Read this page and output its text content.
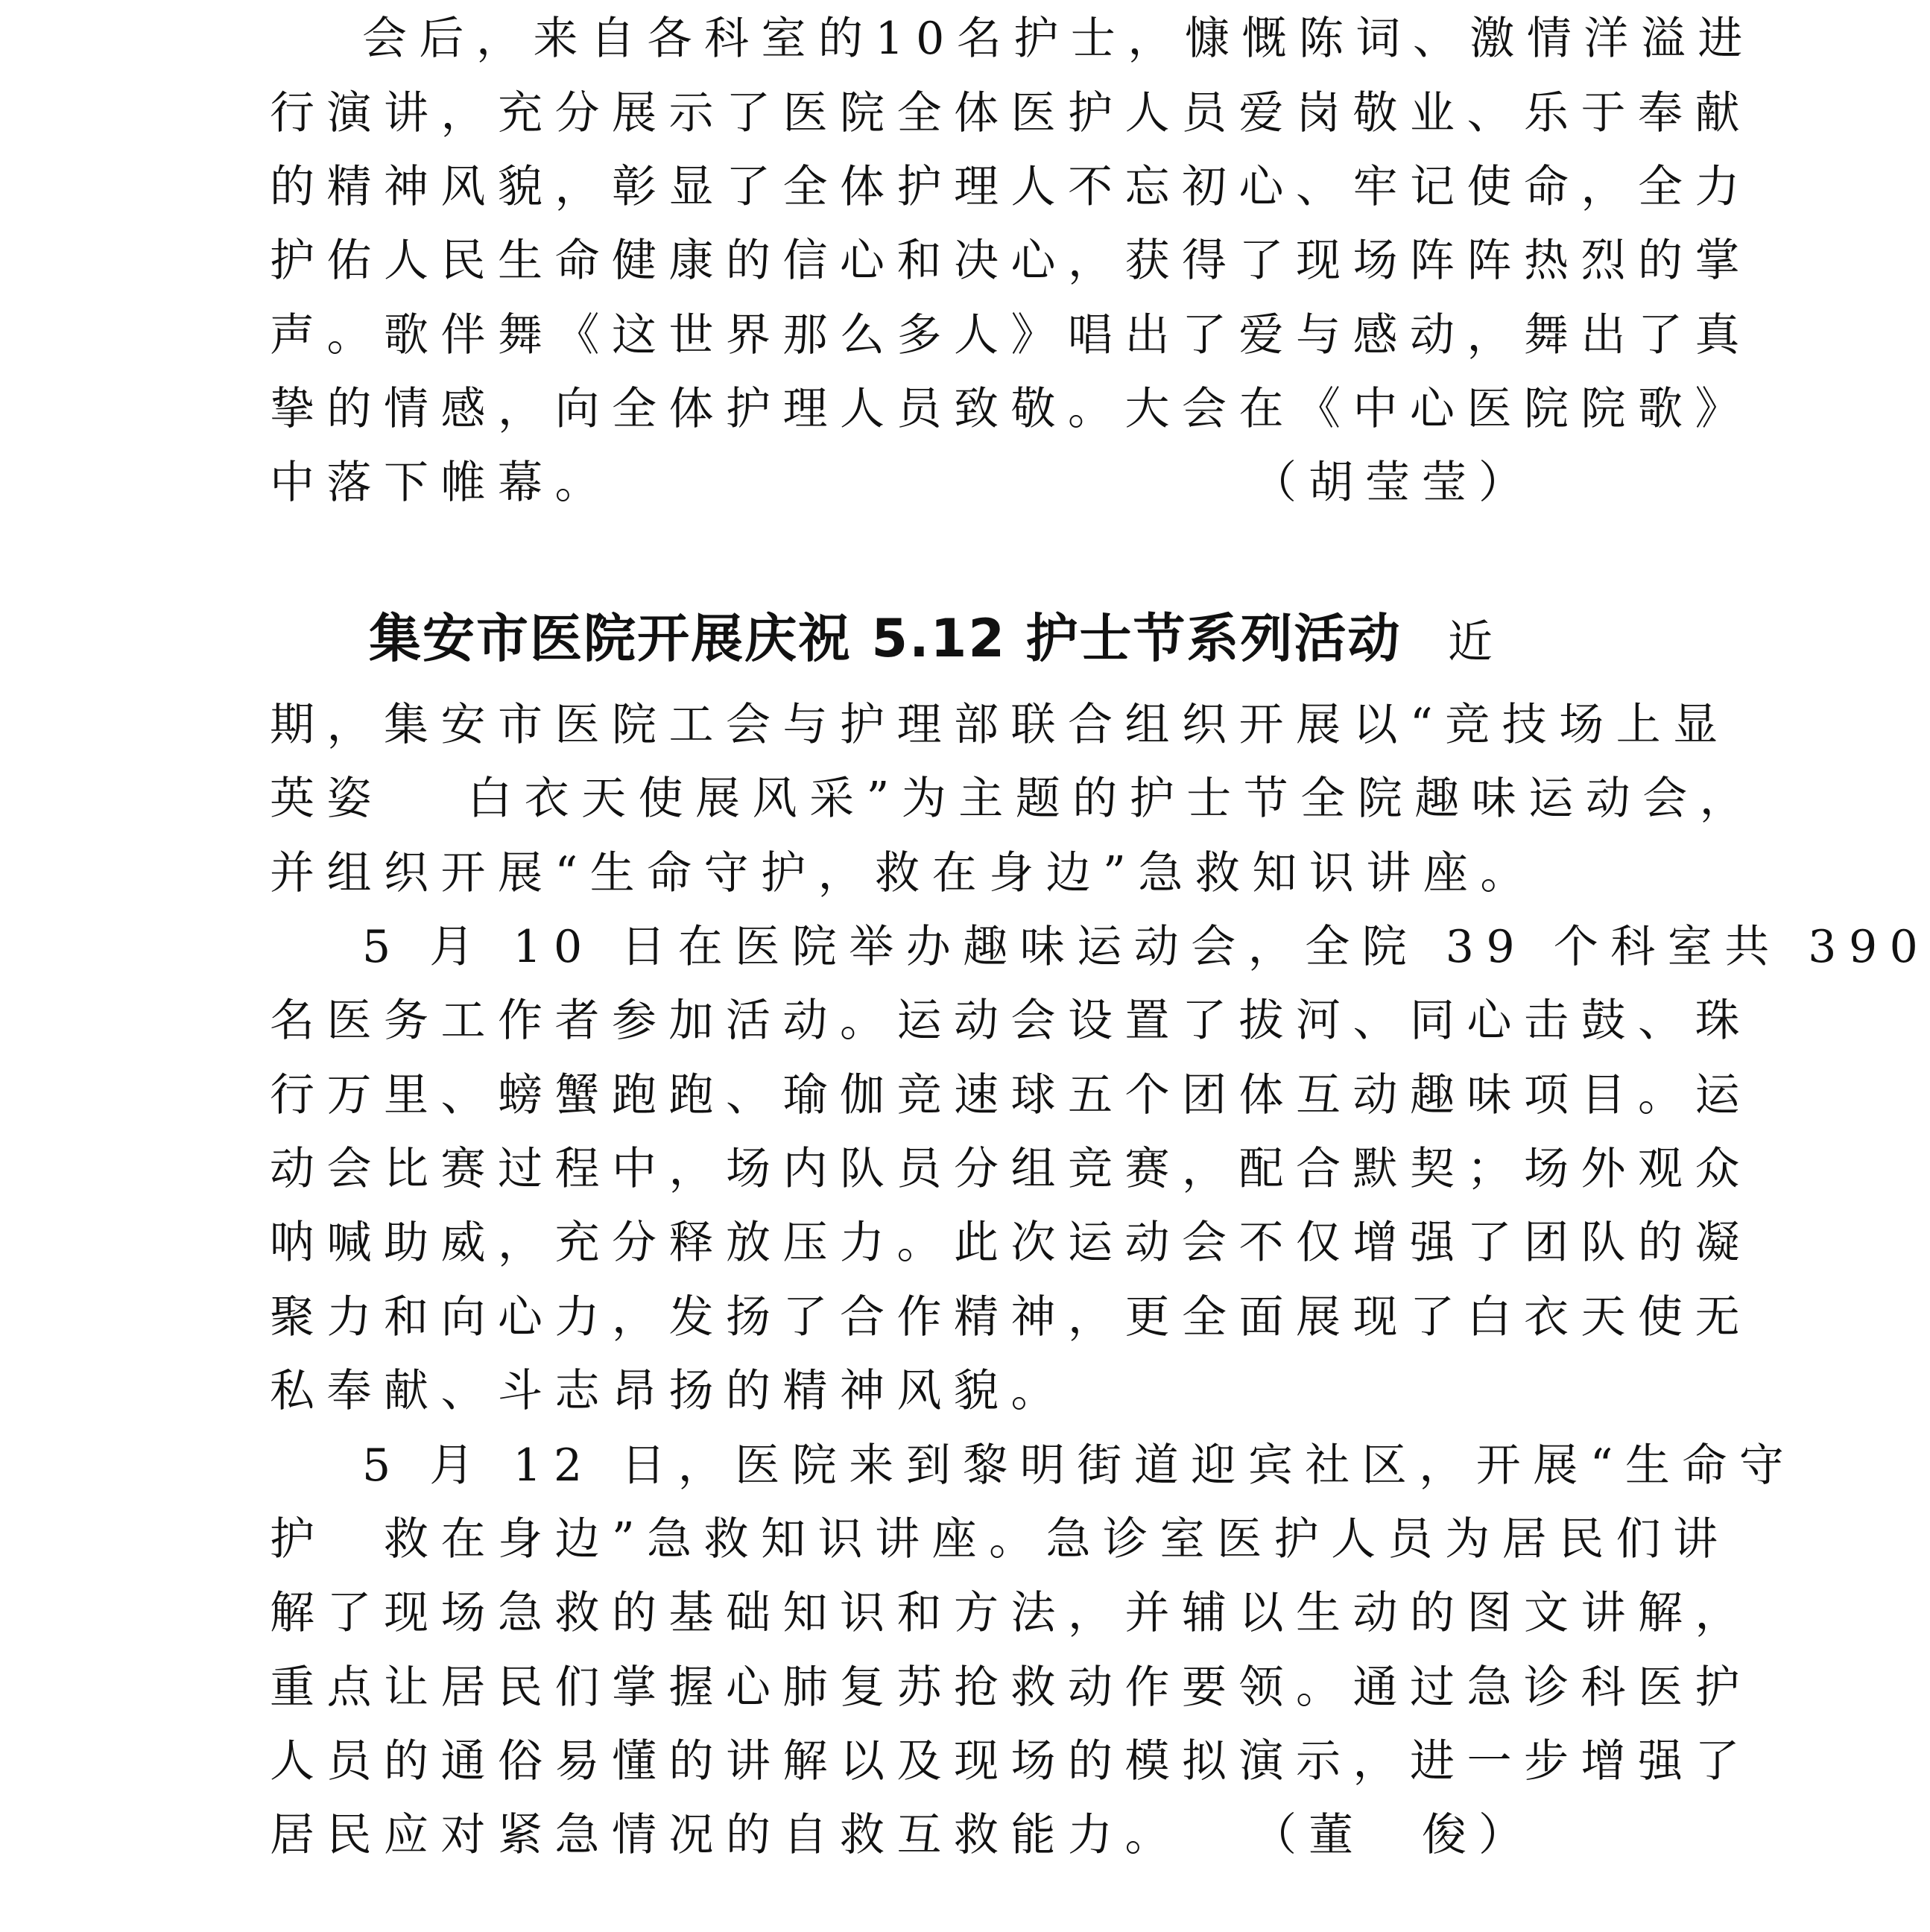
会后，来自各科室的10名护士，慷慨陈词、激情洋溢进
行演讲，充分展示了医院全体医护人员爱岗敬业、乐于奉献
的精神风貌，彰显了全体护理人不忘初心、牢记使命，全力
护佑人民生命健康的信心和决心，获得了现场阵阵热烈的掌
声。歌伴舞《这世界那么多人》唱出了爱与感动，舞出了真
挚的情感，向全体护理人员致敬。大会在《中心医院院歌》
中落下帷幕。	（胡莹莹）
集安市医院开展庆祝 5.12 护士节系列活动 近
期，集安市医院工会与护理部联合组织开展以“竞技场上显
英姿　 白衣天使展风采”为主题的护士节全院趣味运动会，
并组织开展“生命守护，救在身边”急救知识讲座。
5 月 10 日在医院举办趣味运动会，全院 39 个科室共 390
名医务工作者参加活动。运动会设置了拔河、同心击鼓、珠
行万里、螃蟹跑跑、瑜伽竞速球五个团体互动趣味项目。运
动会比赛过程中，场内队员分组竞赛，配合默契；场外观众
呐喊助威，充分释放压力。此次运动会不仅增强了团队的凝
聚力和向心力，发扬了合作精神，更全面展现了白衣天使无
私奉献、斗志昂扬的精神风貌。
5 月 12 日，医院来到黎明街道迎宾社区，开展“生命守
护　救在身边”急救知识讲座。急诊室医护人员为居民们讲
解了现场急救的基础知识和方法，并辅以生动的图文讲解，
重点让居民们掌握心肺复苏抢救动作要领。通过急诊科医护
人员的通俗易懂的讲解以及现场的模拟演示，进一步增强了
居民应对紧急情况的自救互救能力。	（董　俊）
